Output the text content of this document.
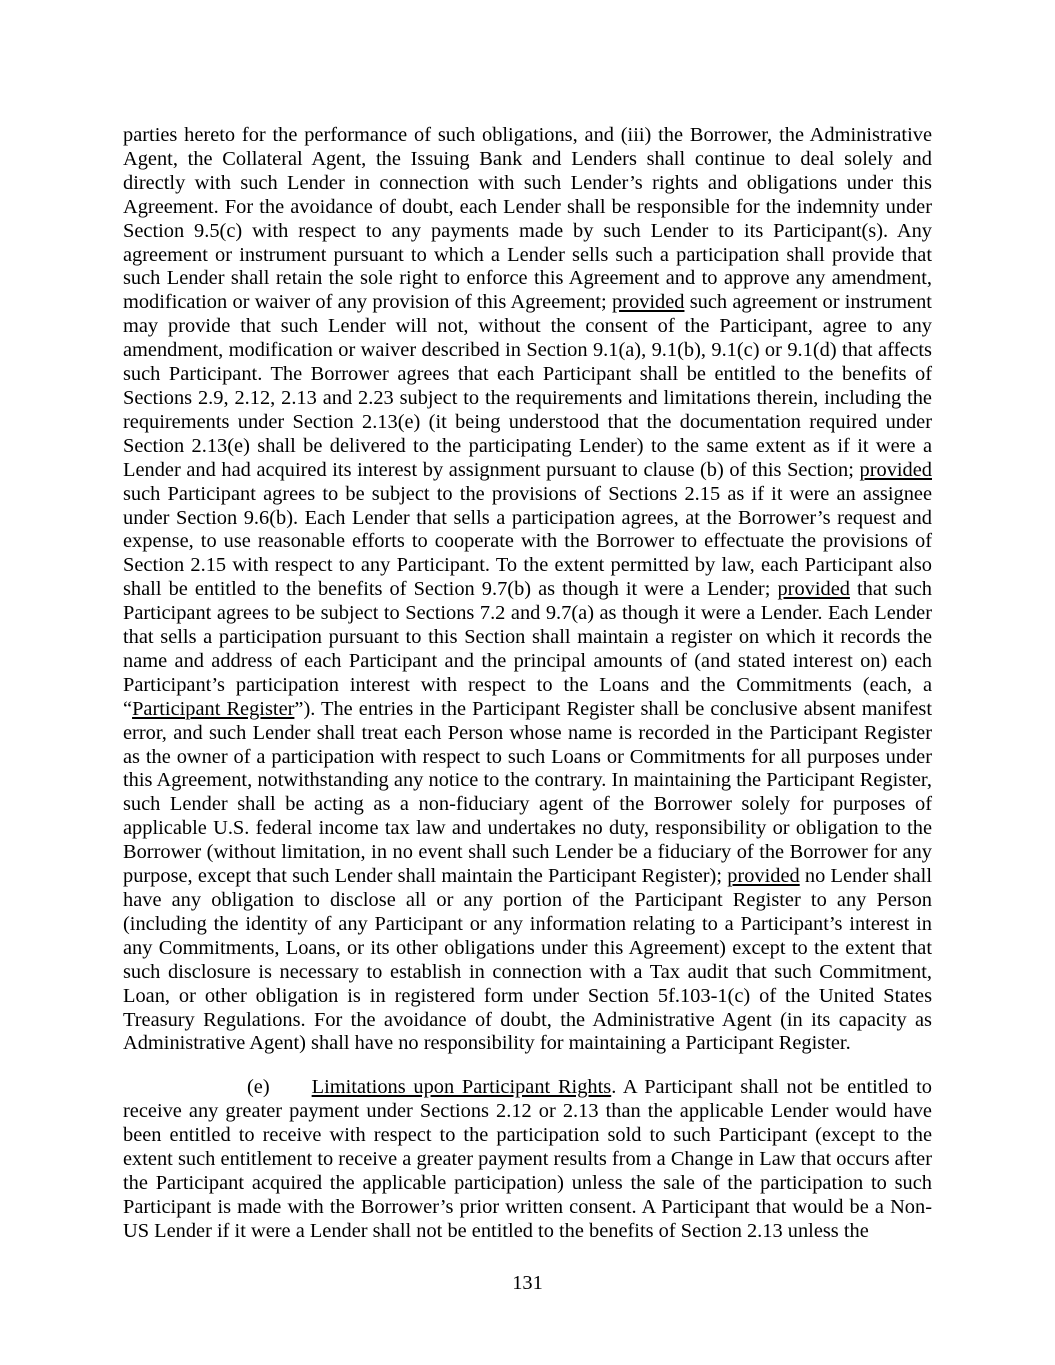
parties hereto for the performance of such obligations, and (iii) the Borrower, the Administrative Agent, the Collateral Agent, the Issuing Bank and Lenders shall continue to deal solely and directly with such Lender in connection with such Lender’s rights and obligations under this Agreement. For the avoidance of doubt, each Lender shall be responsible for the indemnity under Section 9.5(c) with respect to any payments made by such Lender to its Participant(s). Any agreement or instrument pursuant to which a Lender sells such a participation shall provide that such Lender shall retain the sole right to enforce this Agreement and to approve any amendment, modification or waiver of any provision of this Agreement; provided such agreement or instrument may provide that such Lender will not, without the consent of the Participant, agree to any amendment, modification or waiver described in Section 9.1(a), 9.1(b), 9.1(c) or 9.1(d) that affects such Participant. The Borrower agrees that each Participant shall be entitled to the benefits of Sections 2.9, 2.12, 2.13 and 2.23 subject to the requirements and limitations therein, including the requirements under Section 2.13(e) (it being understood that the documentation required under Section 2.13(e) shall be delivered to the participating Lender) to the same extent as if it were a Lender and had acquired its interest by assignment pursuant to clause (b) of this Section; provided such Participant agrees to be subject to the provisions of Sections 2.15 as if it were an assignee under Section 9.6(b). Each Lender that sells a participation agrees, at the Borrower’s request and expense, to use reasonable efforts to cooperate with the Borrower to effectuate the provisions of Section 2.15 with respect to any Participant. To the extent permitted by law, each Participant also shall be entitled to the benefits of Section 9.7(b) as though it were a Lender; provided that such Participant agrees to be subject to Sections 7.2 and 9.7(a) as though it were a Lender. Each Lender that sells a participation pursuant to this Section shall maintain a register on which it records the name and address of each Participant and the principal amounts of (and stated interest on) each Participant’s participation interest with respect to the Loans and the Commitments (each, a “Participant Register”). The entries in the Participant Register shall be conclusive absent manifest error, and such Lender shall treat each Person whose name is recorded in the Participant Register as the owner of a participation with respect to such Loans or Commitments for all purposes under this Agreement, notwithstanding any notice to the contrary. In maintaining the Participant Register, such Lender shall be acting as a non-fiduciary agent of the Borrower solely for purposes of applicable U.S. federal income tax law and undertakes no duty, responsibility or obligation to the Borrower (without limitation, in no event shall such Lender be a fiduciary of the Borrower for any purpose, except that such Lender shall maintain the Participant Register); provided no Lender shall have any obligation to disclose all or any portion of the Participant Register to any Person (including the identity of any Participant or any information relating to a Participant’s interest in any Commitments, Loans, or its other obligations under this Agreement) except to the extent that such disclosure is necessary to establish in connection with a Tax audit that such Commitment, Loan, or other obligation is in registered form under Section 5f.103-1(c) of the United States Treasury Regulations. For the avoidance of doubt, the Administrative Agent (in its capacity as Administrative Agent) shall have no responsibility for maintaining a Participant Register.

(e) Limitations upon Participant Rights. A Participant shall not be entitled to receive any greater payment under Sections 2.12 or 2.13 than the applicable Lender would have been entitled to receive with respect to the participation sold to such Participant (except to the extent such entitlement to receive a greater payment results from a Change in Law that occurs after the Participant acquired the applicable participation) unless the sale of the participation to such Participant is made with the Borrower’s prior written consent. A Participant that would be a Non-US Lender if it were a Lender shall not be entitled to the benefits of Section 2.13 unless the

131
